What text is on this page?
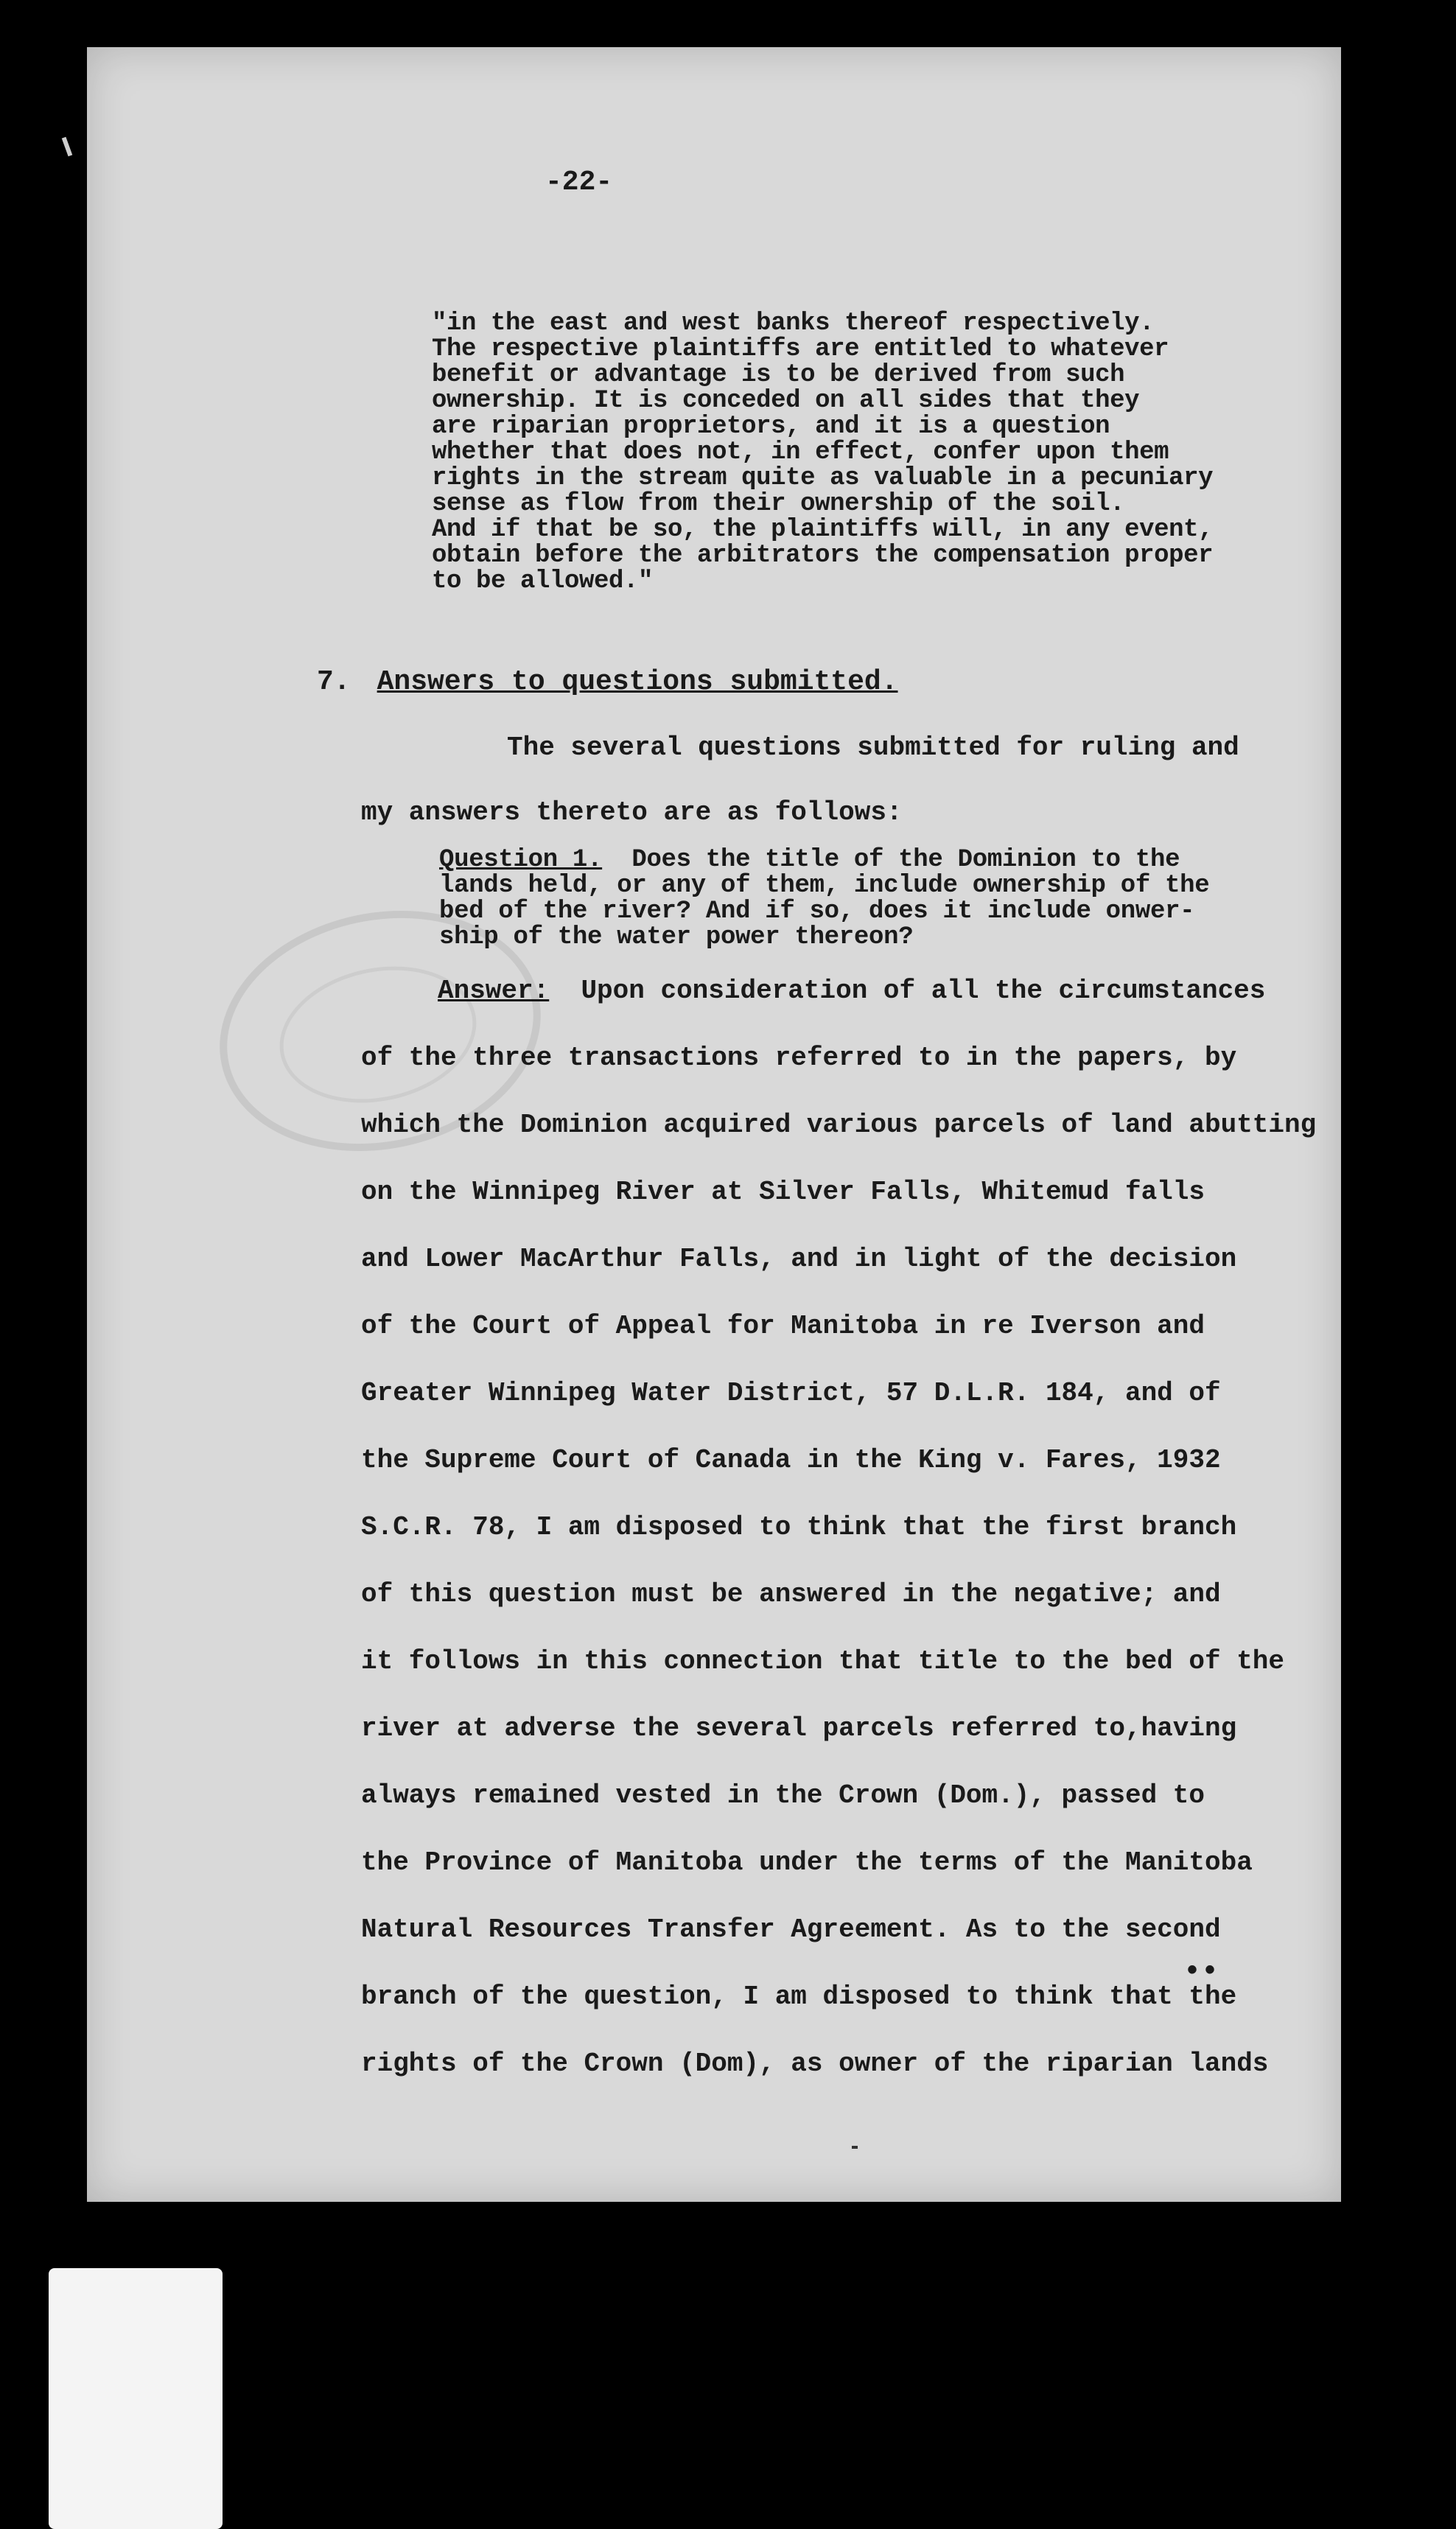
-22-
"in the east and west banks thereof respectively.
The respective plaintiffs are entitled to whatever
benefit or advantage is to be derived from such
ownership. It is conceded on all sides that they
are riparian proprietors, and it is a question
whether that does not, in effect, confer upon them
rights in the stream quite as valuable in a pecuniary
sense as flow from their ownership of the soil.
And if that be so, the plaintiffs will, in any event,
obtain before the arbitrators the compensation proper
to be allowed."
7. Answers to questions submitted.
The several questions submitted for ruling and
my answers thereto are as follows:
Question 1.  Does the title of the Dominion to the
lands held, or any of them, include ownership of the
bed of the river? And if so, does it include onwer-
ship of the water power thereon?
Answer:  Upon consideration of all the circumstances
of the three transactions referred to in the papers, by
which the Dominion acquired various parcels of land abutting
on the Winnipeg River at Silver Falls, Whitemud falls
and Lower MacArthur Falls, and in light of the decision
of the Court of Appeal for Manitoba in re Iverson and
Greater Winnipeg Water District, 57 D.L.R. 184, and of
the Supreme Court of Canada in the King v. Fares, 1932
S.C.R. 78, I am disposed to think that the first branch
of this question must be answered in the negative; and
it follows in this connection that title to the bed of the
river at adverse the several parcels referred to,having
always remained vested in the Crown (Dom.), passed to
the Province of Manitoba under the terms of the Manitoba
Natural Resources Transfer Agreement. As to the second
branch of the question, I am disposed to think that the
rights of the Crown (Dom), as owner of the riparian lands
••
